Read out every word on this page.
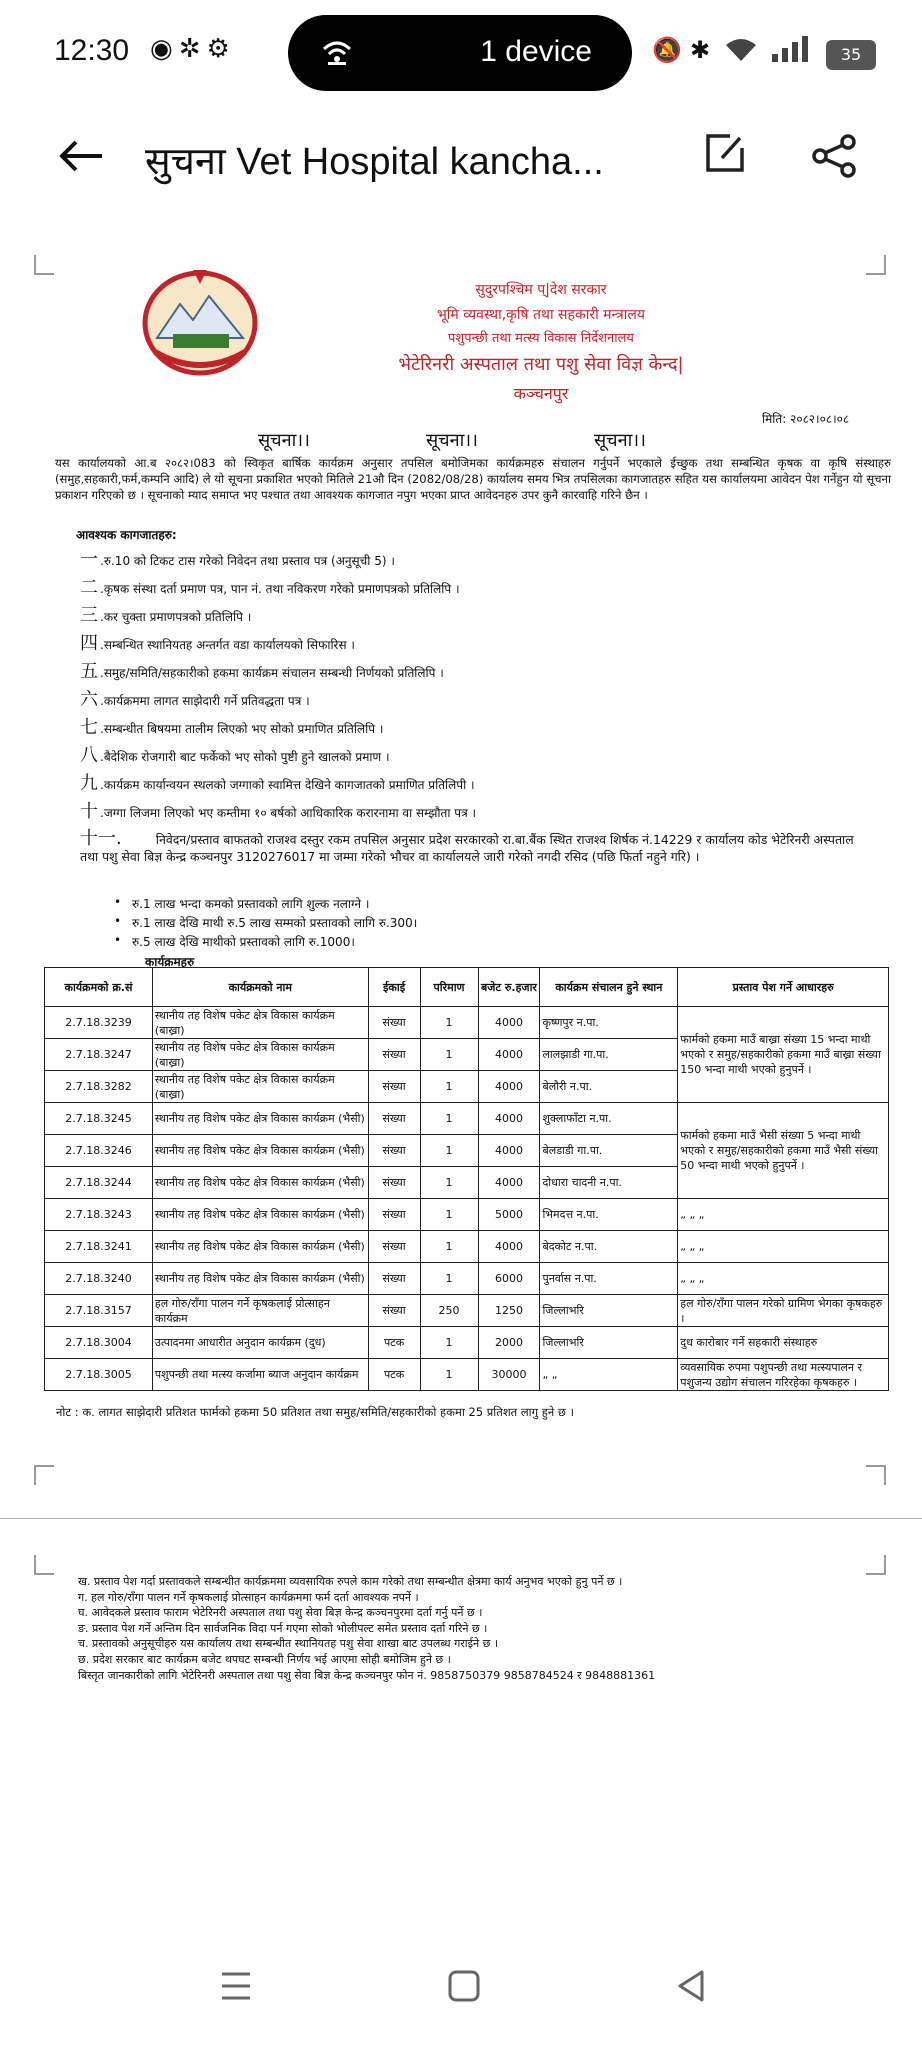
12:30 ◉✲⚙	1 device	🔕 ✱	35
सुचना Vet Hospital kancha...
सुदुरपश्चिम प्|देश सरकार
भूमि व्यवस्था,कृषि तथा सहकारी मन्त्रालय
पशुपन्छी तथा मत्स्य विकास निर्देशनालय
भेटेरिनरी अस्पताल तथा पशु सेवा विज्ञ केन्द|
कञ्चनपुर
मिति: २०८२।०८।०८
सूचना।।	सूचना।।	सूचना।।
यस कार्यालयको आ.ब २०८२।083 को स्विकृत बार्षिक कार्यक्रम अनुसार तपसिल बमोजिमका कार्यक्रमहरु संचालन गर्नुपर्ने भएकाले ईच्छुक तथा सम्बन्धित कृषक वा कृषि संस्थाहरु (समुह,सहकारी,फर्म,कम्पनि आदि) ले यो सूचना प्रकाशित भएको मितिले 21औ दिन (2082/08/28) कार्यालय समय भित्र तपसिलका कागजातहरु सहित यस कार्यालयमा आवेदन पेश गर्नेहुन यो सूचना प्रकाशन गरिएको छ । सूचनाको म्याद समाप्त भए पश्चात तथा आवश्यक कागजात नपुग भएका प्राप्त आवेदनहरु उपर कुनै कारवाहि गरिने छैन ।
आवश्यक कागजातहरु:
一 .रु.10 को टिकट टास गरेको निवेदन तथा प्रस्ताव पत्र (अनुसूची 5) ।
二 .कृषक संस्था दर्ता प्रमाण पत्र, पान नं. तथा नविकरण गरेको प्रमाणपत्रको प्रतिलिपि ।
三 .कर चुक्ता प्रमाणपत्रको प्रतिलिपि ।
四 .सम्बन्धित स्थानियतह अन्तर्गत वडा कार्यालयको सिफारिस ।
五 .समुह/समिति/सहकारीको हकमा कार्यक्रम संचालन सम्बन्धी निर्णयको प्रतिलिपि ।
六 .कार्यक्रममा लागत साझेदारी गर्ने प्रतिवद्धता पत्र ।
七 .सम्बन्धीत बिषयमा तालीम लिएको भए सोको प्रमाणित प्रतिलिपि ।
八 .बैदेशिक रोजगारी बाट फर्केको भए सोको पुष्टी हुने खालको प्रमाण ।
九 .कार्यक्रम कार्यान्वयन स्थलको जग्गाको स्वामित्त देखिने कागजातको प्रमाणित प्रतिलिपी ।
十 .जग्गा लिजमा लिएको भए कम्तीमा १० बर्षको आधिकारिक करारनामा वा सम्झौता पत्र ।
十一.	निवेदन/प्रस्ताव बाफतको राजश्व दस्तुर रकम तपसिल अनुसार प्रदेश सरकारको रा.बा.बैंक स्थित राजश्व शिर्षक नं.14229 र कार्यालय कोड भेटेरिनरी अस्पताल तथा पशु सेवा बिज्ञ केन्द्र कञ्चनपुर 3120276017 मा जम्मा गरेको भौचर वा कार्यालयले जारी गरेको नगदी रसिद (पछि फिर्ता नहुने गरि) ।
• रु.1 लाख भन्दा कमको प्रस्तावको लागि शुल्क नलाग्ने ।
• रु.1 लाख देखि माथी रु.5 लाख सम्मको प्रस्तावको लागि रु.300।
• रु.5 लाख देखि माथीको प्रस्तावको लागि रु.1000।
कार्यक्रमहरु
कार्यक्रमको क्र.सं	कार्यक्रमको नाम	ईकाई	परिमाण	बजेट रु.हजार	कार्यक्रम संचालन हुने स्थान	प्रस्ताव पेश गर्ने आधारहरु
2.7.18.3239	स्थानीय तह विशेष पकेट क्षेत्र विकास कार्यक्रम (बाख्रा)	संख्या	1	4000	कृष्णपुर न.पा.	फार्मको हकमा माउँ बाख्रा संख्या 15 भन्दा माथी भएको र समुह/सहकारीको हकमा माउँ बाख्रा संख्या 150 भन्दा माथी भएको हुनुपर्ने ।
2.7.18.3247	स्थानीय तह विशेष पकेट क्षेत्र विकास कार्यक्रम (बाख्रा)	संख्या	1	4000	लालझाडी गा.पा.	
2.7.18.3282	स्थानीय तह विशेष पकेट क्षेत्र विकास कार्यक्रम (बाख्रा)	संख्या	1	4000	बेलौरी न.पा.	
2.7.18.3245	स्थानीय तह विशेष पकेट क्षेत्र विकास कार्यक्रम (भैसी)	संख्या	1	4000	शुक्लाफाँटा न.पा.	फार्मको हकमा माउँ भैसी संख्या 5 भन्दा माथी भएको र समुह/सहकारीको हकमा माउँ भैसी संख्या 50 भन्दा माथी भएको हुनुपर्ने ।
2.7.18.3246	स्थानीय तह विशेष पकेट क्षेत्र विकास कार्यक्रम (भैसी)	संख्या	1	4000	बेलडाडी गा.पा.	
2.7.18.3244	स्थानीय तह विशेष पकेट क्षेत्र विकास कार्यक्रम (भैसी)	संख्या	1	4000	दोधारा चादनी न.पा.	
2.7.18.3243	स्थानीय तह विशेष पकेट क्षेत्र विकास कार्यक्रम (भैसी)	संख्या	1	5000	भिमदत्त न.पा.	„ „ „
2.7.18.3241	स्थानीय तह विशेष पकेट क्षेत्र विकास कार्यक्रम (भैसी)	संख्या	1	4000	बेदकोट न.पा.	„ „ „
2.7.18.3240	स्थानीय तह विशेष पकेट क्षेत्र विकास कार्यक्रम (भैसी)	संख्या	1	6000	पुनर्वास न.पा.	„ „ „
2.7.18.3157	हल गोरु/राँगा पालन गर्ने कृषकलाई प्रोत्साहन कार्यक्रम	संख्या	250	1250	जिल्लाभरि	हल गोरु/राँगा पालन गरेको ग्रामिण भेगका कृषकहरु ।
2.7.18.3004	उत्पादनमा आधारीत अनुदान कार्यक्रम (दुध)	पटक	1	2000	जिल्लाभरि	दुध कारोबार गर्ने सहकारी संस्थाहरु
2.7.18.3005	पशुपन्छी तथा मत्स्य कर्जामा ब्याज अनुदान कार्यक्रम	पटक	1	30000	„ „	व्यवसायिक रुपमा पशुपन्छी तथा मत्स्यपालन र पशुजन्य उद्योग संचालन गरिरहेका कृषकहरु ।
नोट : क. लागत साझेदारी प्रतिशत फार्मको हकमा 50 प्रतिशत तथा समुह/समिति/सहकारीको हकमा 25 प्रतिशत लागु हुने छ ।
ख. प्रस्ताव पेश गर्दा प्रस्तावकले सम्बन्धीत कार्यक्रममा व्यवसायिक रुपले काम गरेको तथा सम्बन्धीत क्षेत्रमा कार्य अनुभव भएको हुनु पर्ने छ ।
ग. हल गोरु/राँगा पालन गर्ने कृषकलाई प्रोत्साहन कार्यक्रममा फर्म दर्ता आवश्यक नपर्ने ।
घ. आवेदकले प्रस्ताव फाराम भेटेरिनरी अस्पताल तथा पशु सेवा बिज्ञ केन्द्र कञ्चनपुरमा दर्ता गर्नु पर्ने छ ।
ङ. प्रस्ताव पेश गर्ने अन्तिम दिन सार्वजनिक विदा पर्न गएमा सोको भोलीपल्ट समेत प्रस्ताव दर्ता गरिने छ ।
च. प्रस्तावको अनुसूचीहरु यस कार्यालय तथा सम्बन्धीत स्थानियतह पशु सेवा शाखा बाट उपलब्ध गराईने छ ।
छ. प्रदेश सरकार बाट कार्यक्रम बजेट थपघट सम्बन्धी निर्णय भई आएमा सोही बमोजिम हुने छ ।
बिस्तृत जानकारीको लागि भेटेरिनरी अस्पताल तथा पशु सेवा बिज्ञ केन्द्र कञ्चनपुर फोन नं. 9858750379 9858784524 र 9848881361
